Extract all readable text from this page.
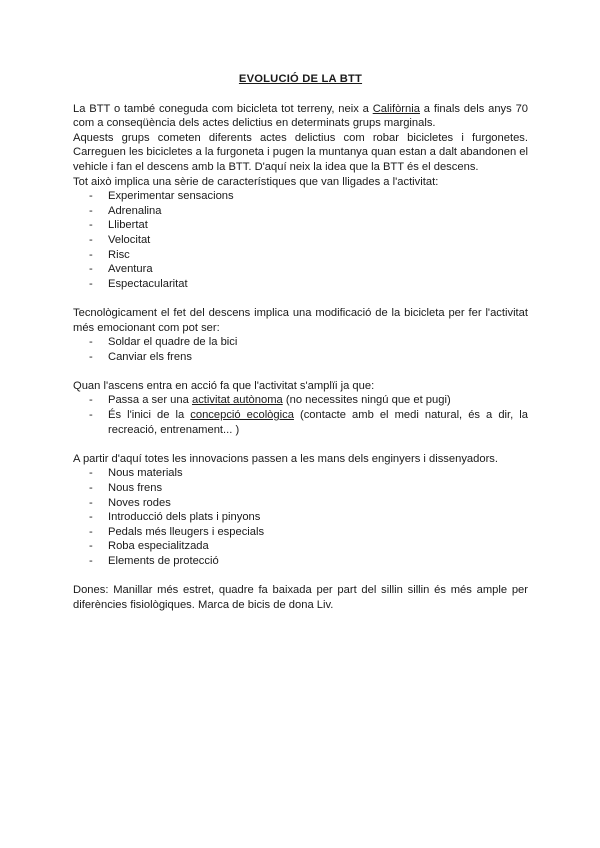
EVOLUCIÓ DE LA BTT

La BTT o també coneguda com bicicleta tot terreny, neix a Califòrnia a finals dels anys 70 com a conseqüència dels actes delictius en determinats grups marginals.

Aquests grups cometen diferents actes delictius com robar bicicletes i furgonetes. Carreguen les bicicletes a la furgoneta i pugen la muntanya quan estan a dalt abandonen el vehicle i fan el descens amb la BTT. D'aquí neix la idea que la BTT és el descens.

Tot això implica una sèrie de característiques que van lligades a l'activitat:

- Experimentar sensacions
- Adrenalina
- Llibertat
- Velocitat
- Risc
- Aventura
- Espectacularitat

Tecnològicament el fet del descens implica una modificació de la bicicleta per fer l'activitat més emocionant com pot ser:

- Soldar el quadre de la bici
- Canviar els frens

Quan l'ascens entra en acció fa que l'activitat s'amplïi ja que:

- Passa a ser una activitat autònoma (no necessites ningú que et pugi)
- És l'inici de la concepció ecològica (contacte amb el medi natural, és a dir, la recreació, entrenament... )

A partir d'aquí totes les innovacions passen a les mans dels enginyers i dissenyadors.

- Nous materials
- Nous frens
- Noves rodes
- Introducció dels plats i pinyons
- Pedals més lleugers i especials
- Roba especialitzada
- Elements de protecció

Dones: Manillar més estret, quadre fa baixada per part del sillin sillin és més ample per diferències fisiològiques. Marca de bicis de dona Liv.
